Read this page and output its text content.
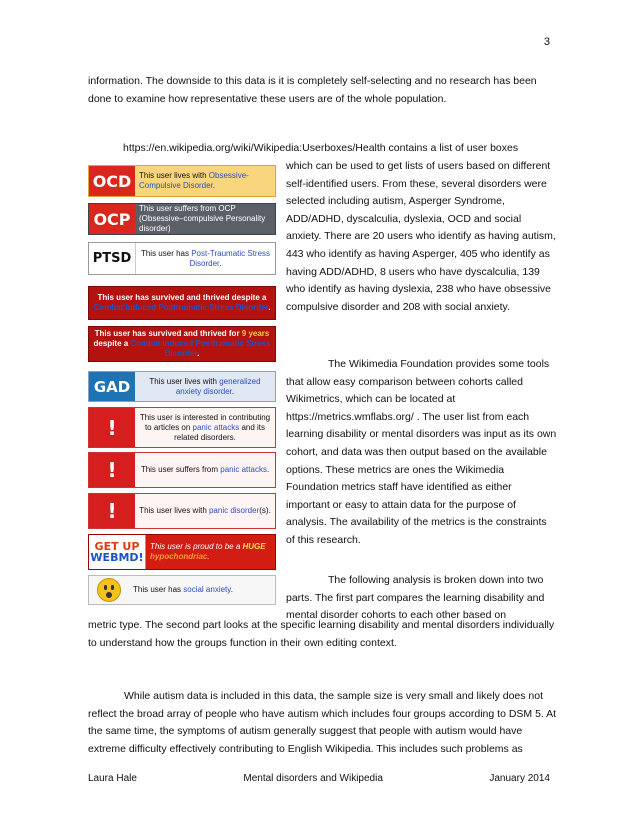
3
information. The downside to this data is it is completely self-selecting and no research has been done to examine how representative these users are of the whole population.
https://en.wikipedia.org/wiki/Wikipedia:Userboxes/Health contains a list of user boxes
which can be used to get lists of users based on different self-identified users. From these, several disorders were selected including autism, Asperger Syndrome, ADD/ADHD, dyscalculia, dyslexia, OCD and social anxiety. There are 20 users who identify as having autism, 443 who identify as having Asperger, 405 who identify as having ADD/ADHD, 8 users who have dyscalculia, 139 who identify as having dyslexia, 238 who have obsessive compulsive disorder and 208 with social anxiety.
The Wikimedia Foundation provides some tools that allow easy comparison between cohorts called Wikimetrics, which can be located at https://metrics.wmflabs.org/ . The user list from each learning disability or mental disorders was input as its own cohort, and data was then output based on the available options. These metrics are ones the Wikimedia Foundation metrics staff have identified as either important or easy to attain data for the purpose of analysis. The availability of the metrics is the constraints of this research.
The following analysis is broken down into two parts. The first part compares the learning disability and mental disorder cohorts to each other based on
metric type. The second part looks at the specific learning disability and mental disorders individually to understand how the groups function in their own editing context.
While autism data is included in this data, the sample size is very small and likely does not reflect the broad array of people who have autism which includes four groups according to DSM 5. At the same time, the symptoms of autism generally suggest that people with autism would have extreme difficulty effectively contributing to English Wikipedia. This includes such problems as
OCD This user lives with Obsessive-Compulsive Disorder.
OCP
This user suffers from OCP (Obsessive–compulsive Personality disorder)
PTSD	This user has Post-Traumatic Stress Disorder.
This user has survived and thrived despite a Combat Induced Posttramatic Stress Disorder.
This user has survived and thrived for 9 years despite a Combat Induced Posttramatic Stress Disorder.
GAD	This user lives with generalized anxiety disorder.
!	This user is interested in contributing to articles on panic attacks and its related disorders.
!	This user suffers from panic attacks.
!	This user lives with panic disorder(s).
GET UP
WEBMD!
This user is proud to be a HUGE hypochondriac.
This user has social anxiety.
Laura Hale	Mental disorders and Wikipedia	January 2014
